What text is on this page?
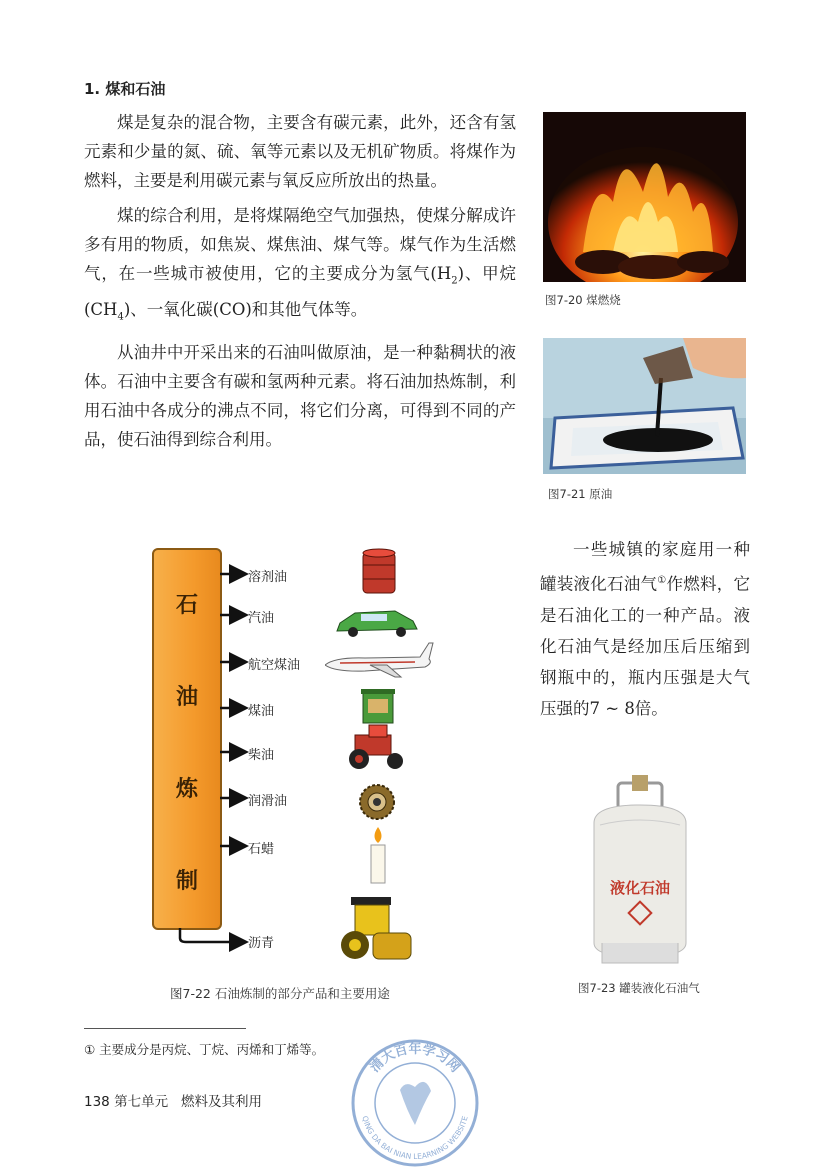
1. 煤和石油

煤是复杂的混合物，主要含有碳元素，此外，还含有氢元素和少量的氮、硫、氧等元素以及无机矿物质。将煤作为燃料，主要是利用碳元素与氧反应所放出的热量。

煤的综合利用，是将煤隔绝空气加强热，使煤分解成许多有用的物质，如焦炭、煤焦油、煤气等。煤气作为生活燃气，在一些城市被使用，它的主要成分为氢气$(H_2)$、甲烷 $(CH_4)$、一氧化碳(CO)和其他气体等。

从油井中开采出来的石油叫做原油，是一种黏稠状的液体。石油中主要含有碳和氢两种元素。将石油加热炼制，利用石油中各成分的沸点不同，将它们分离，可得到不同的产品，使石油得到综合利用。

图7-20 煤燃烧
图7-21 原油

一些城镇的家庭用一种罐装液化石油气①作燃料，它是石油化工的一种产品。液化石油气是经加压后压缩到钢瓶中的，瓶内压强是大气压强的7 ~ 8倍。

石
油
炼
制
溶剂油
汽油
航空煤油
煤油
柴油
润滑油
石蜡
沥青
图7-22 石油炼制的部分产品和主要用途
液化石油
图7-23 罐装液化石油气
① 主要成分是丙烷、丁烷、丙烯和丁烯等。
138 第七单元 燃料及其利用
清大百年学习网
QING DA BAI NIAN LEARNING WEBSITE
